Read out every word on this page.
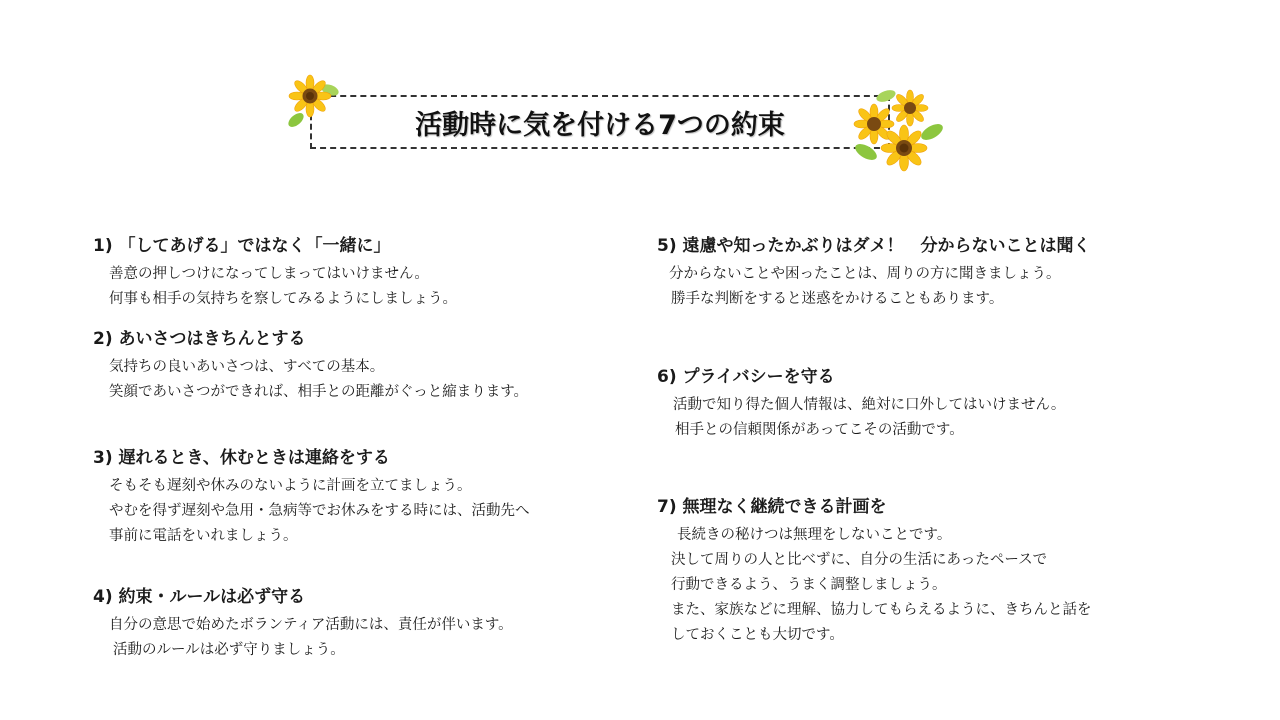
活動時に気を付ける7つの約束
1) 「してあげる」ではなく「一緒に」
善意の押しつけになってしまってはいけません。
何事も相手の気持ちを察してみるようにしましょう。
2) あいさつはきちんとする
気持ちの良いあいさつは、すべての基本。
笑顔であいさつができれば、相手との距離がぐっと縮まります。
3) 遅れるとき、休むときは連絡をする
そもそも遅刻や休みのないように計画を立てましょう。
やむを得ず遅刻や急用・急病等でお休みをする時には、活動先へ
事前に電話をいれましょう。
4) 約束・ルールは必ず守る
自分の意思で始めたボランティア活動には、責任が伴います。
活動のルールは必ず守りましょう。
5) 遠慮や知ったかぶりはダメ！　分からないことは聞く
分からないことや困ったことは、周りの方に聞きましょう。
勝手な判断をすると迷惑をかけることもあります。
6) プライバシーを守る
活動で知り得た個人情報は、絶対に口外してはいけません。
相手との信頼関係があってこその活動です。
7) 無理なく継続できる計画を
長続きの秘けつは無理をしないことです。
決して周りの人と比べずに、自分の生活にあったペースで
行動できるよう、うまく調整しましょう。
また、家族などに理解、協力してもらえるように、きちんと話を
しておくことも大切です。
